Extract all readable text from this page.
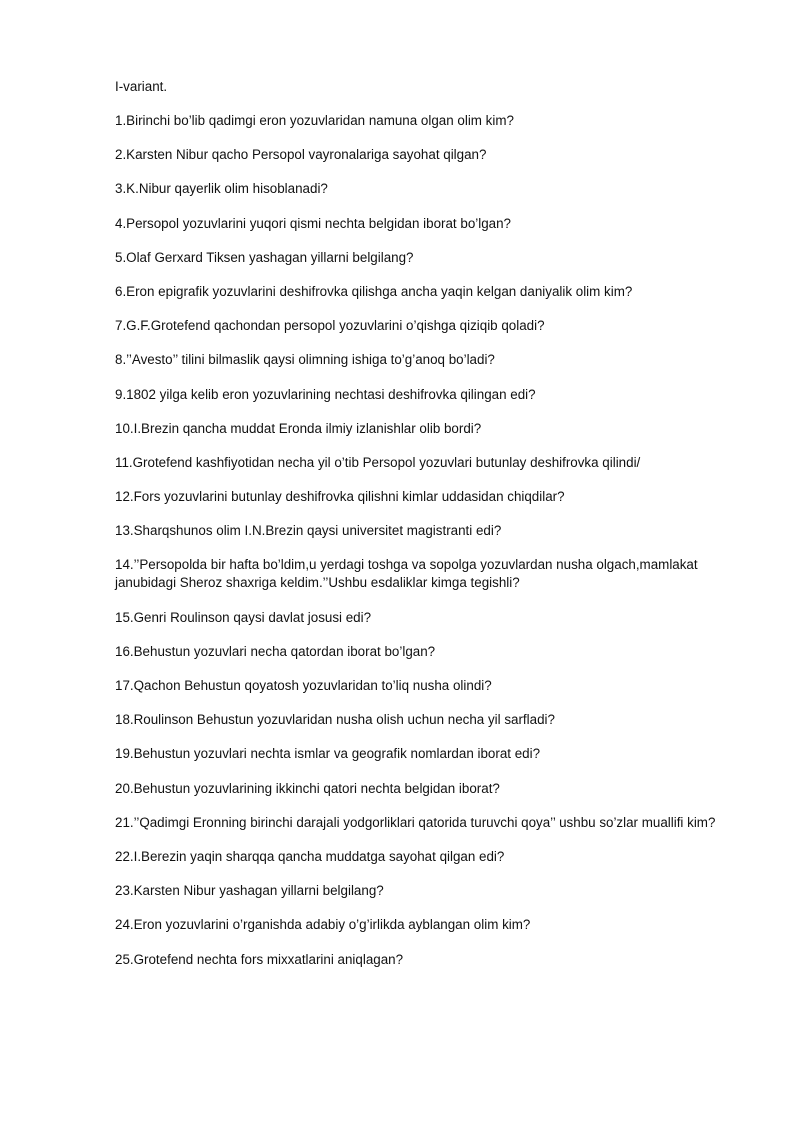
I-variant.

1.Birinchi bo’lib qadimgi eron yozuvlaridan namuna olgan olim kim?
2.Karsten Nibur qacho Persopol vayronalariga sayohat qilgan?
3.K.Nibur qayerlik olim hisoblanadi?
4.Persopol yozuvlarini yuqori qismi nechta belgidan iborat bo’lgan?
5.Olaf Gerxard Tiksen yashagan yillarni belgilang?
6.Eron epigrafik yozuvlarini deshifrovka qilishga ancha yaqin kelgan daniyalik olim kim?
7.G.F.Grotefend qachondan persopol yozuvlarini o’qishga qiziqib qoladi?
8.’’Avesto’’ tilini bilmaslik qaysi olimning ishiga to’g’anoq bo’ladi?
9.1802 yilga kelib eron yozuvlarining nechtasi deshifrovka qilingan edi?
10.I.Brezin qancha muddat Eronda ilmiy izlanishlar olib bordi?
11.Grotefend kashfiyotidan necha yil o’tib Persopol yozuvlari butunlay deshifrovka qilindi/
12.Fors yozuvlarini butunlay deshifrovka qilishni kimlar uddasidan chiqdilar?
13.Sharqshunos olim I.N.Brezin qaysi universitet magistranti edi?
14.’’Persopolda bir hafta bo’ldim,u yerdagi toshga va sopolga yozuvlardan nusha olgach,mamlakat janubidagi Sheroz shaxriga keldim.’’Ushbu esdaliklar kimga tegishli?
15.Genri Roulinson qaysi davlat josusi edi?
16.Behustun yozuvlari necha qatordan iborat bo’lgan?
17.Qachon Behustun qoyatosh yozuvlaridan to’liq nusha olindi?
18.Roulinson Behustun yozuvlaridan nusha olish uchun necha yil sarfladi?
19.Behustun yozuvlari nechta ismlar va geografik nomlardan iborat edi?
20.Behustun yozuvlarining ikkinchi qatori nechta belgidan iborat?
21.’’Qadimgi Eronning birinchi darajali yodgorliklari qatorida turuvchi qoya’’ ushbu so’zlar muallifi kim?
22.I.Berezin yaqin sharqqa qancha muddatga sayohat qilgan edi?
23.Karsten Nibur yashagan yillarni belgilang?
24.Eron yozuvlarini o’rganishda adabiy o’g’irlikda ayblangan olim kim?
25.Grotefend nechta fors mixxatlarini aniqlagan?
